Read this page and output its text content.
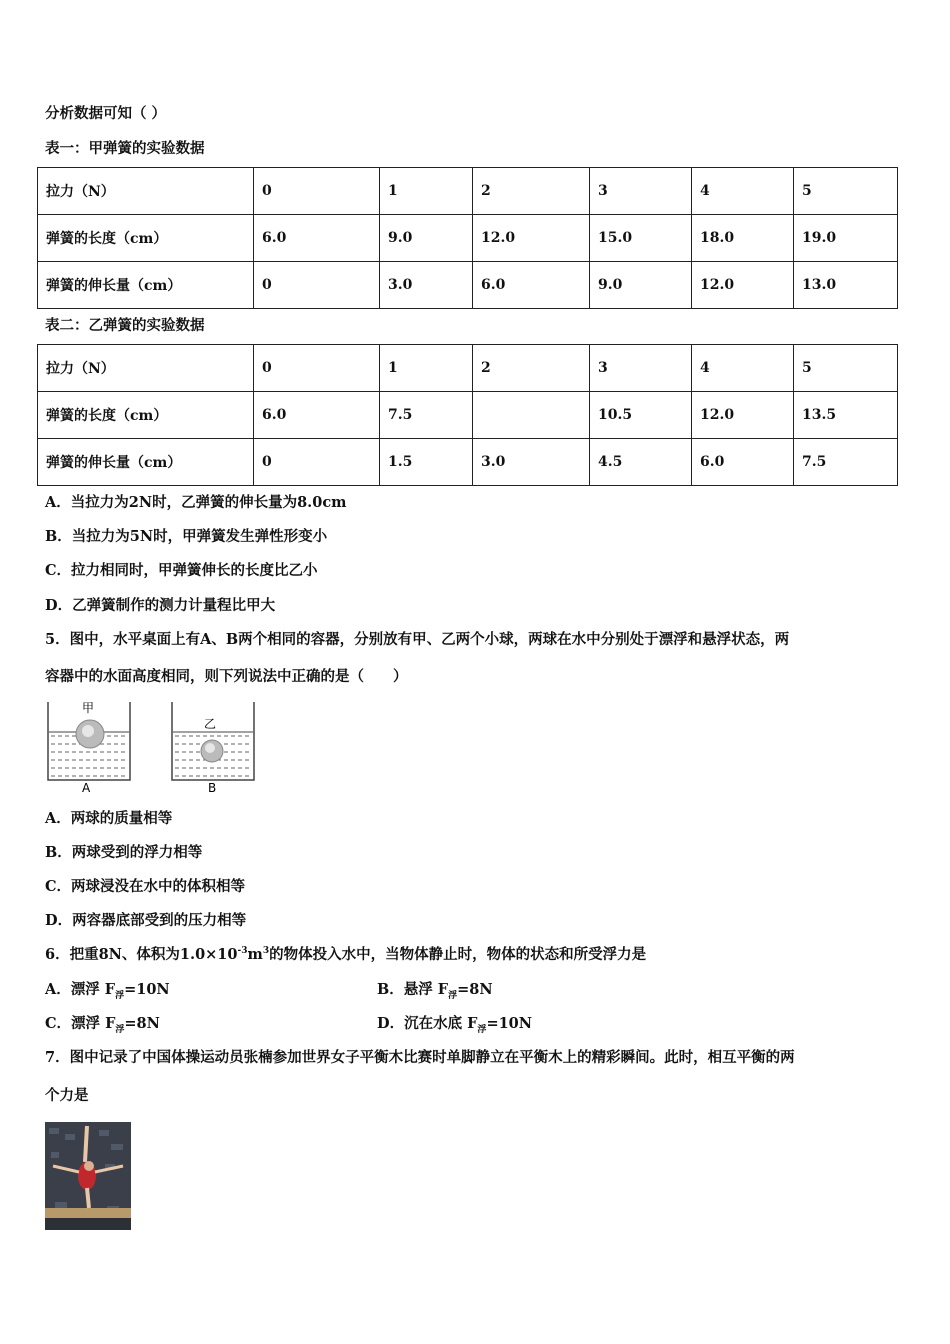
分析数据可知（ ）
表一：甲弹簧的实验数据
拉力（N）	0	1	2	3	4	5
弹簧的长度（cm）	6.0	9.0	12.0	15.0	18.0	19.0
弹簧的伸长量（cm）	0	3.0	6.0	9.0	12.0	13.0
表二：乙弹簧的实验数据
拉力（N）	0	1	2	3	4	5
弹簧的长度（cm）	6.0	7.5		10.5	12.0	13.5
弹簧的伸长量（cm）	0	1.5	3.0	4.5	6.0	7.5
A．当拉力为2N时，乙弹簧的伸长量为8.0cm
B．当拉力为5N时，甲弹簧发生弹性形变小
C．拉力相同时，甲弹簧伸长的长度比乙小
D．乙弹簧制作的测力计量程比甲大
5．图中，水平桌面上有A、B两个相同的容器，分别放有甲、乙两个小球，两球在水中分别处于漂浮和悬浮状态，两
容器中的水面高度相同，则下列说法中正确的是（　　）
甲
A
乙
B
A．两球的质量相等
B．两球受到的浮力相等
C．两球浸没在水中的体积相等
D．两容器底部受到的压力相等
6．把重8N、体积为$1.0\times 10^{-3}m^3$的物体投入水中，当物体静止时，物体的状态和所受浮力是
A．漂浮 $F_浮=10N$	B．悬浮 $F_浮=8N$
C．漂浮 $F_浮=8N$	D．沉在水底 $F_浮=10N$
7．图中记录了中国体操运动员张楠参加世界女子平衡木比赛时单脚静立在平衡木上的精彩瞬间。此时，相互平衡的两
个力是
